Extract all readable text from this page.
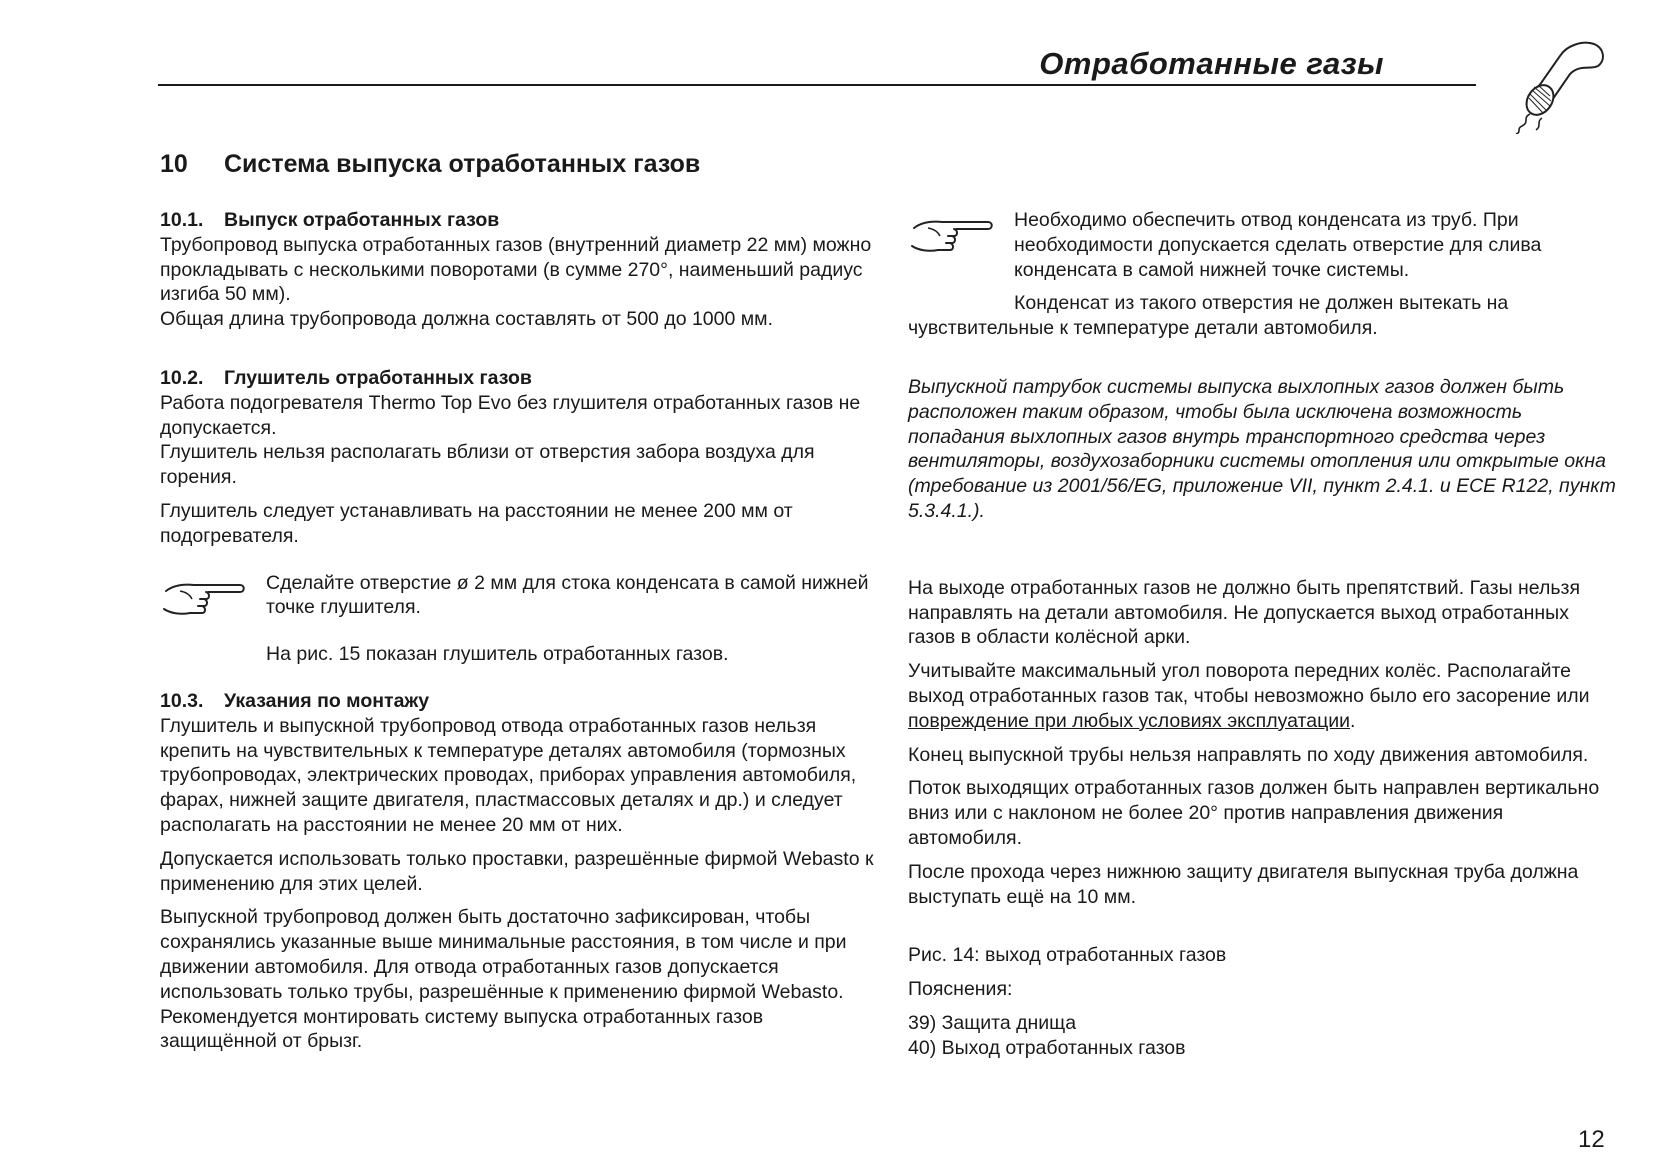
Отработанные газы
10 Система выпуска отработанных газов

10.1. Выпуск отработанных газов

Трубопровод выпуска отработанных газов (внутренний диаметр 22 мм) можно прокладывать с несколькими поворотами (в сумме 270°, наименьший радиус изгиба 50 мм).

Общая длина трубопровода должна составлять от 500 до 1000 мм.

10.2. Глушитель отработанных газов

Работа подогревателя Thermo Top Evo без глушителя отработанных газов не допускается.

Глушитель нельзя располагать вблизи от отверстия забора воздуха для горения.

Глушитель следует устанавливать на расстоянии не менее 200 мм от подогревателя.

Сделайте отверстие ø 2 мм для стока конденсата в самой нижней точке глушителя.

На рис. 15 показан глушитель отработанных газов.

10.3. Указания по монтажу

Глушитель и выпускной трубопровод отвода отработанных газов нельзя крепить на чувствительных к температуре деталях автомобиля (тормозных трубопроводах, электрических проводах, приборах управления автомобиля, фарах, нижней защите двигателя, пластмассовых деталях и др.) и следует располагать на расстоянии не менее 20 мм от них.

Допускается использовать только проставки, разрешённые фирмой Webasto к применению для этих целей.

Выпускной трубопровод должен быть достаточно зафиксирован, чтобы сохранялись указанные выше минимальные расстояния, в том числе и при движении автомобиля. Для отвода отработанных газов допускается использовать только трубы, разрешённые к применению фирмой Webasto. Рекомендуется монтировать систему выпуска отработанных газов защищённой от брызг.

Необходимо обеспечить отвод конденсата из труб. При необходимости допускается сделать отверстие для слива конденсата в самой нижней точке системы.

Конденсат из такого отверстия не должен вытекать на чувствительные к температуре детали автомобиля.

Выпускной патрубок системы выпуска выхлопных газов должен быть расположен таким образом, чтобы была исключена возможность попадания выхлопных газов внутрь транспортного средства через вентиляторы, воздухозаборники системы отопления или открытые окна (требование из 2001/56/EG, приложение VII, пункт 2.4.1. и ECE R122, пункт 5.3.4.1.).

На выходе отработанных газов не должно быть препятствий. Газы нельзя направлять на детали автомобиля. Не допускается выход отработанных газов в области колёсной арки.

Учитывайте максимальный угол поворота передних колёс. Располагайте выход отработанных газов так, чтобы невозможно было его засорение или повреждение при любых условиях эксплуатации.

Конец выпускной трубы нельзя направлять по ходу движения автомобиля.

Поток выходящих отработанных газов должен быть направлен вертикально вниз или с наклоном не более 20° против направления движения автомобиля.

После прохода через нижнюю защиту двигателя выпускная труба должна выступать ещё на 10 мм.

Рис. 14: выход отработанных газов

Пояснения:

39) Защита днища

40) Выход отработанных газов

12
